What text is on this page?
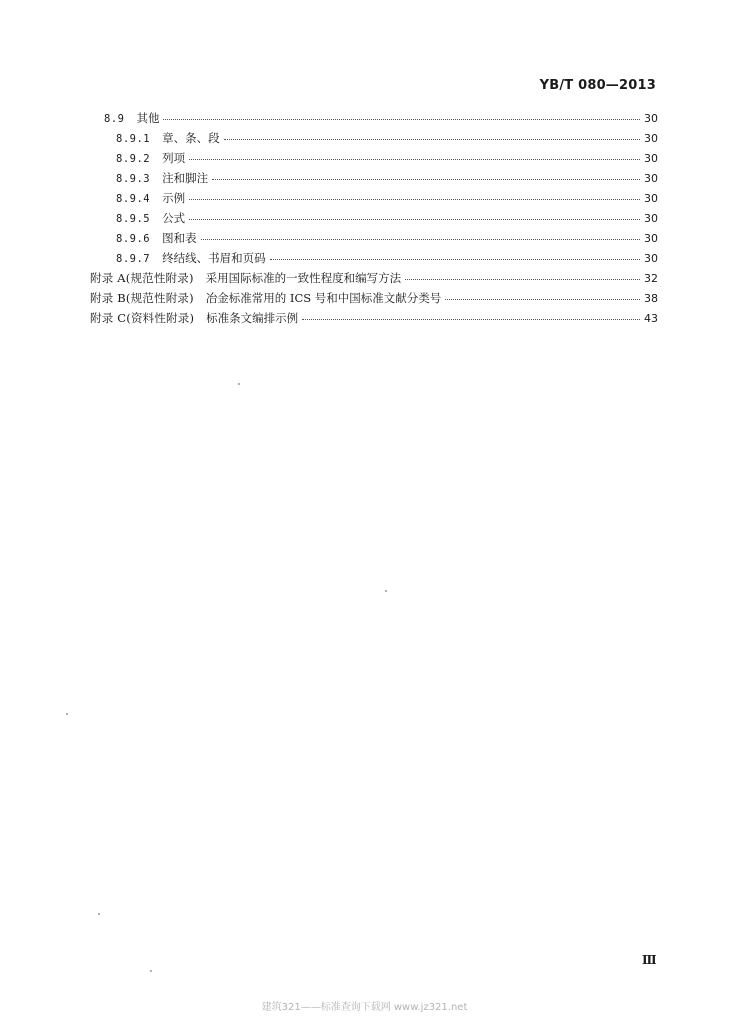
YB/T 080—2013
8.9 其他	30
8.9.1 章、条、段	30
8.9.2 列项	30
8.9.3 注和脚注	30
8.9.4 示例	30
8.9.5 公式	30
8.9.6 图和表	30
8.9.7 终结线、书眉和页码	30
附录 A(规范性附录) 采用国际标准的一致性程度和编写方法	32
附录 B(规范性附录) 冶金标准常用的 ICS 号和中国标准文献分类号	38
附录 C(资料性附录) 标准条文编排示例	43
Ⅲ
建筑321——标准查询下载网 www.jz321.net
